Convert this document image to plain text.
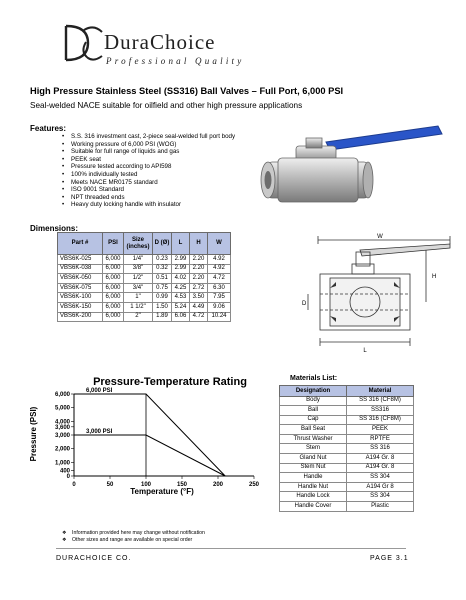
DuraChoice
Professional Quality
High Pressure Stainless Steel (SS316) Ball Valves – Full Port, 6,000 PSI
Seal-welded NACE suitable for oilfield and other high pressure applications
Features:
• S.S. 316 investment cast, 2-piece seal-welded full port body
• Working pressure of 6,000 PSI (WOG)
• Suitable for full range of liquids and gas
• PEEK seat
• Pressure tested according to API598
• 100% individually tested
• Meets NACE MR0175 standard
• ISO 9001 Standard
• NPT threaded ends
• Heavy duty locking handle with insulator
Dimensions:
Part #	PSI	Size (inches)	D (Ø)	L	H	W
VBS6K-025	6,000	1/4"	0.23	2.99	2.20	4.92
VBS6K-038	6,000	3/8"	0.32	2.99	2.20	4.92
VBS6K-050	6,000	1/2"	0.51	4.02	2.20	4.72
VBS6K-075	6,000	3/4"	0.75	4.25	2.72	6.30
VBS6K-100	6,000	1"	0.99	4.53	3.50	7.95
VBS6K-150	6,000	1 1/2"	1.50	5.24	4.49	9.06
VBS6K-200	6,000	2"	1.89	6.06	4.72	10.24
W
H
D
L
Pressure-Temperature Rating
Pressure (PSI)
Temperature (°F)
0
400
1,000
2,000
3,000
3,600
4,000
5,000
6,000
0	50	100	150	200	250
6,000 PSI
3,000 PSI
Materials List:
Designation	Material
Body	SS 316 (CF8M)
Ball	SS316
Cap	SS 316 (CF8M)
Ball Seat	PEEK
Thrust Washer	RPTFE
Stem	SS 316
Gland Nut	A194 Gr. 8
Stem Nut	A194 Gr. 8
Handle	SS 304
Handle Nut	A194 Gr 8
Handle Lock	SS 304
Handle Cover	Plastic
❖ Information provided here may change without notification
❖ Other sizes and range are available on special order
DURACHOICE CO.	PAGE 3.1
